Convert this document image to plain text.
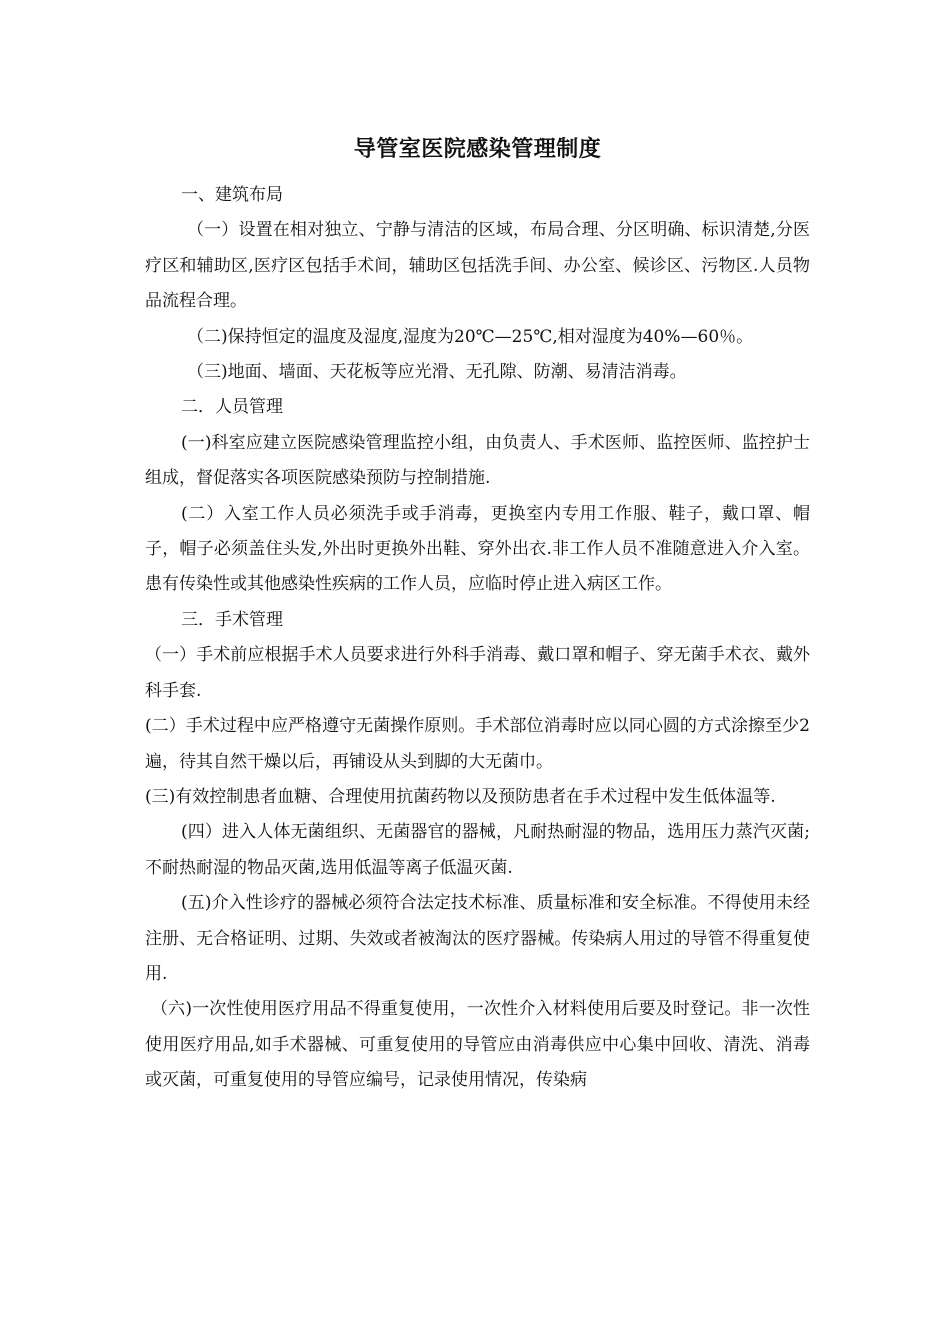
导管室医院感染管理制度

一、建筑布局

（一）设置在相对独立、宁静与清洁的区域，布局合理、分区明确、标识清楚,分医疗区和辅助区,医疗区包括手术间，辅助区包括洗手间、办公室、候诊区、污物区.人员物品流程合理。

（二)保持恒定的温度及湿度,湿度为20℃—25℃,相对湿度为40%—60％。

（三)地面、墙面、天花板等应光滑、无孔隙、防潮、易清洁消毒。

二．人员管理

(一)科室应建立医院感染管理监控小组，由负责人、手术医师、监控医师、监控护士组成，督促落实各项医院感染预防与控制措施.

(二）入室工作人员必须洗手或手消毒，更换室内专用工作服、鞋子，戴口罩、帽子，帽子必须盖住头发,外出时更换外出鞋、穿外出衣.非工作人员不准随意进入介入室。患有传染性或其他感染性疾病的工作人员，应临时停止进入病区工作。

三．手术管理

（一）手术前应根据手术人员要求进行外科手消毒、戴口罩和帽子、穿无菌手术衣、戴外科手套.

(二）手术过程中应严格遵守无菌操作原则。手术部位消毒时应以同心圆的方式涂擦至少2遍，待其自然干燥以后，再铺设从头到脚的大无菌巾。

(三)有效控制患者血糖、合理使用抗菌药物以及预防患者在手术过程中发生低体温等.

(四）进入人体无菌组织、无菌器官的器械，凡耐热耐湿的物品，选用压力蒸汽灭菌;不耐热耐湿的物品灭菌,选用低温等离子低温灭菌.

(五)介入性诊疗的器械必须符合法定技术标准、质量标准和安全标准。不得使用未经注册、无合格证明、过期、失效或者被淘汰的医疗器械。传染病人用过的导管不得重复使用.

（六)一次性使用医疗用品不得重复使用，一次性介入材料使用后要及时登记。非一次性使用医疗用品,如手术器械、可重复使用的导管应由消毒供应中心集中回收、清洗、消毒或灭菌，可重复使用的导管应编号，记录使用情况，传染病
